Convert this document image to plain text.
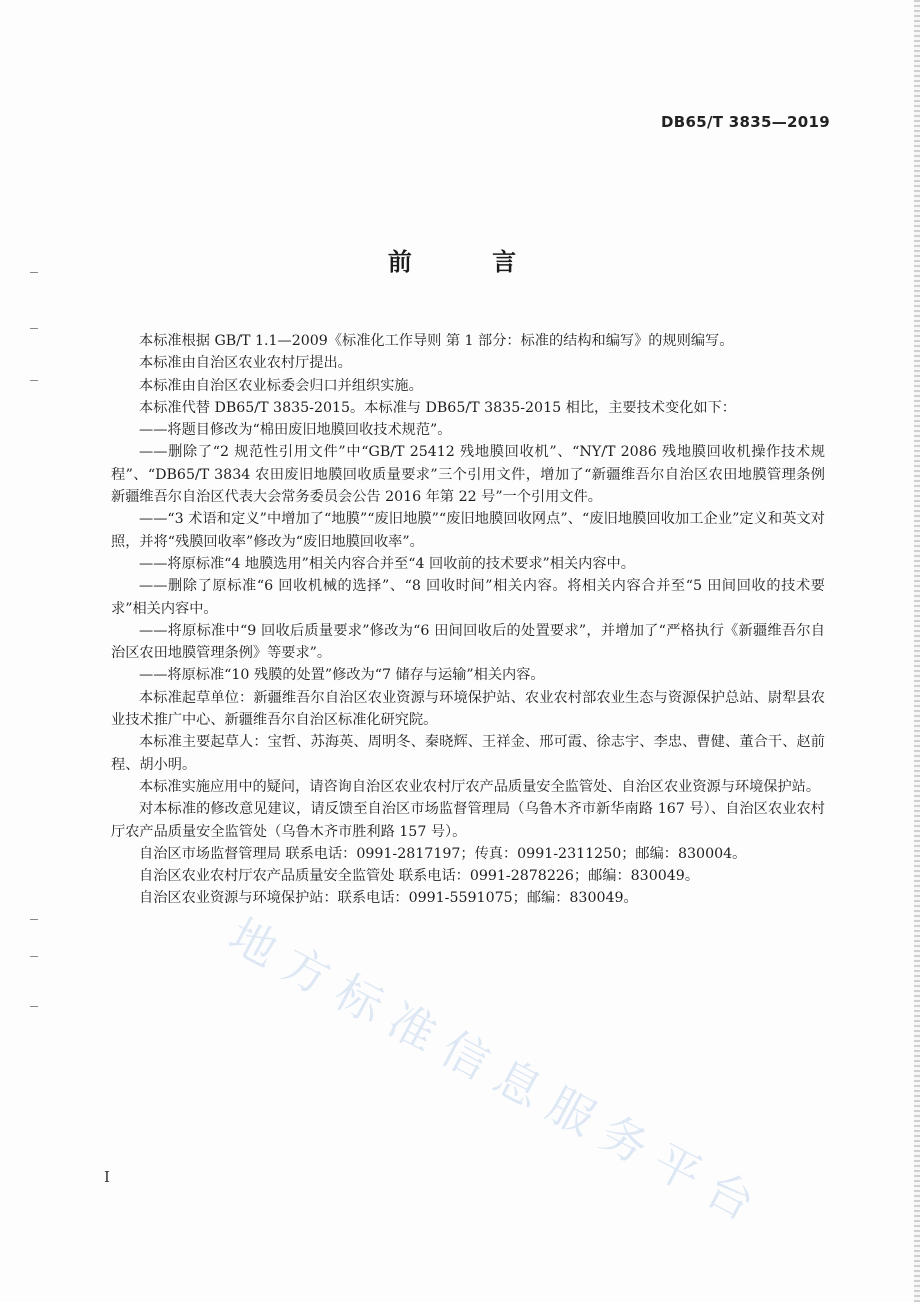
DB65/T 3835—2019
前 言

本标准根据 GB/T 1.1—2009《标准化工作导则 第 1 部分：标准的结构和编写》的规则编写。

本标准由自治区农业农村厅提出。

本标准由自治区农业标委会归口并组织实施。

本标准代替 DB65/T 3835-2015。本标准与 DB65/T 3835-2015 相比，主要技术变化如下：

——将题目修改为“棉田废旧地膜回收技术规范”。

——删除了“2 规范性引用文件”中“GB/T 25412 残地膜回收机”、“NY/T 2086 残地膜回收机操作技术规程”、“DB65/T 3834 农田废旧地膜回收质量要求”三个引用文件，增加了“新疆维吾尔自治区农田地膜管理条例 新疆维吾尔自治区代表大会常务委员会公告 2016 年第 22 号”一个引用文件。

——“3 术语和定义”中增加了“地膜”“废旧地膜”“废旧地膜回收网点”、“废旧地膜回收加工企业”定义和英文对照，并将“残膜回收率”修改为“废旧地膜回收率”。

——将原标准“4 地膜选用”相关内容合并至“4 回收前的技术要求”相关内容中。

——删除了原标准“6 回收机械的选择”、“8 回收时间”相关内容。将相关内容合并至“5 田间回收的技术要求”相关内容中。

——将原标准中“9 回收后质量要求”修改为“6 田间回收后的处置要求”，并增加了“严格执行《新疆维吾尔自治区农田地膜管理条例》等要求”。

——将原标准“10 残膜的处置”修改为“7 储存与运输”相关内容。

本标准起草单位：新疆维吾尔自治区农业资源与环境保护站、农业农村部农业生态与资源保护总站、尉犁县农业技术推广中心、新疆维吾尔自治区标准化研究院。

本标准主要起草人：宝哲、苏海英、周明冬、秦晓辉、王祥金、邢可霞、徐志宇、李忠、曹健、董合干、赵前程、胡小明。

本标准实施应用中的疑问，请咨询自治区农业农村厅农产品质量安全监管处、自治区农业资源与环境保护站。

对本标准的修改意见建议，请反馈至自治区市场监督管理局（乌鲁木齐市新华南路 167 号）、自治区农业农村厅农产品质量安全监管处（乌鲁木齐市胜利路 157 号）。

自治区市场监督管理局 联系电话：0991-2817197；传真：0991-2311250；邮编：830004。

自治区农业农村厅农产品质量安全监管处 联系电话：0991-2878226；邮编：830049。

自治区农业资源与环境保护站：联系电话：0991-5591075；邮编：830049。

地方标准信息服务平台
I
